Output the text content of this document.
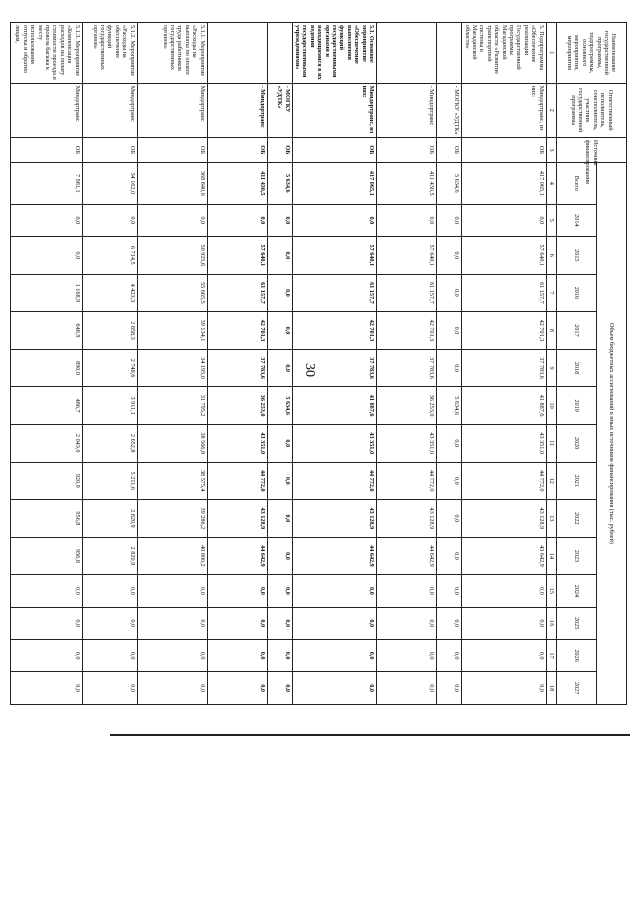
30
Наименование государственной программы, подпрограммы, основного мероприятия, мероприятия	Ответственный исполнитель, соисполнитель, участник государственной программы	Источник финансирования	Объем бюджетных ассигнований в иных источников финансирования (тыс. рублей)														
			Всего	2014	2015	2016	2017	2018	2019	2020	2021	2022	2023	2024	2025	2026	2027
1	2	3	4	5	6	7	8	9	10	11	12	13	14	15	16	17	18
5. Подпрограмма «Обеспечение реализации Государственной программы Магаданской области «Развитие транспортной системы в Магаданской области»	Миндортранс, из них:	ОБ	417 065,1	0,0	57 640,1	61 157,7	42 701,3	37 783,6	41 887,6	43 351,0	44 772,0	43 128,9	43 642,9	0,0	0,0	0,0	0,0
	- МОГКУ «УДТК»	ОБ	5 634,6	0,0	0,0	0,0	0,0	0,0	5 634,6	0,0	0,0	0,0	0,0	0,0	0,0	0,0	0,0
	- Миндортранс	ОБ	411 430,5	0,0	57 640,1	61 157,7	42 701,3	37 783,6	36 253,0	43 351,0	44 772,0	43 128,9	44 642,9	0,0	0,0	0,0	0,0
5.1. Основное мероприятие «Обеспечение выполнения функций государственными органами и находящимися в их ведении государственными учреждениями»	Миндортранс, из них:	ОБ	417 065,1	0,0	57 640,1	61 157,7	42 701,3	37 783,6	41 887,6	43 351,0	44 772,0	43 128,9	44 642,9	0,0	0,0	0,0	0,0
	- МОГКУ «УДТК»	ОБ	5 634,6	0,0	0,0	0,0	0,0	0,0	5 634,6	0,0	0,0	0,0	0,0	0,0	0,0	0,0	0,0
	- Миндортранс	ОБ	411 430,5	0,0	57 640,1	61 157,7	42 701,3	37 783,6	36 253,0	43 351,0	44 772,0	43 128,9	44 642,9	0,0	0,0	0,0	0,0
5.1.1. Мероприятие «Расходы на выплаты по оплате труда работников государственных органов»	Миндортранс	ОБ	368 840,0	0,0	50 925,6	55 665,5	39 134,1	34 195,0	31 795,2	38 566,8	38 575,4	39 286,2	40 800,2	0,0	0,0	0,0	0,0
5.1.2. Мероприятие «Расходы на обеспечение функций государственных органов»	Миндортранс	ОБ	34 162,0	0,0	6 714,5	4 423,3	2 858,3	2 748,6	3 911,1	2 652,8	5 211,6	2 820,9	2 820,9	0,0	0,0	0,0	0,0
5.1.3. Мероприятие «Компенсация расходов на оплату стоимости проезда и провоза багажа к месту использования отпуска и обратно лицам,	Миндортранс	ОБ	7 981,1	0,0	0,0	1 168,9	648,9	890,0	486,7	2 043,0	920,9	956,8	956,8	0,0	0,0	0,0	0,0
